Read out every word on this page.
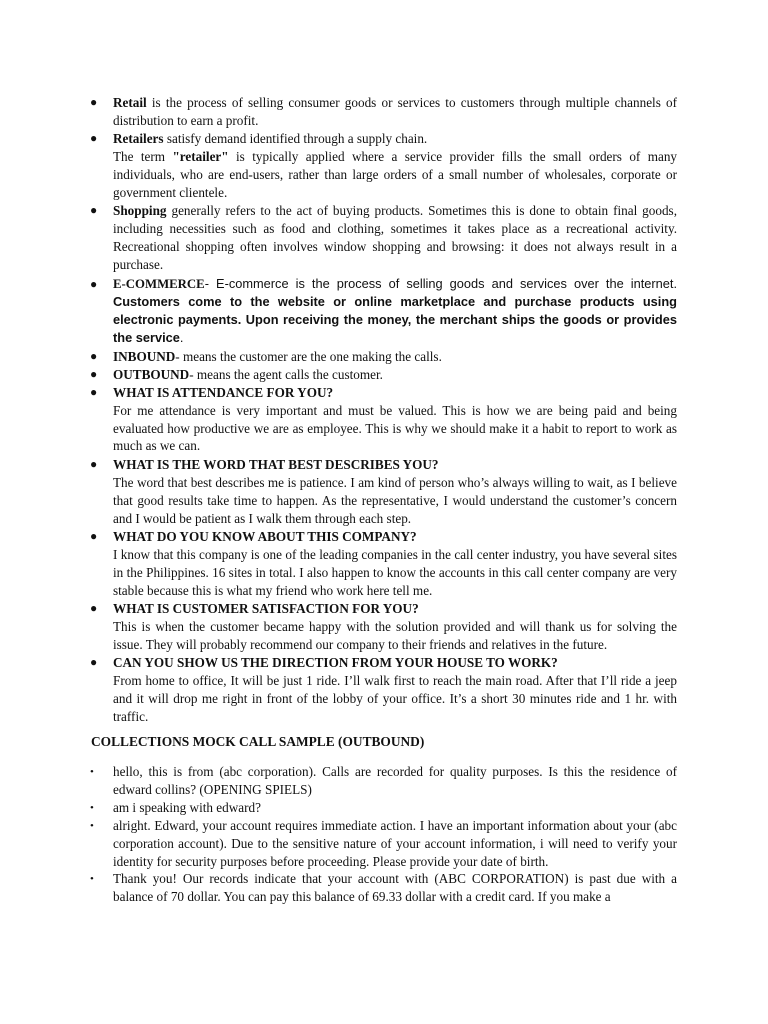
● Retail is the process of selling consumer goods or services to customers through multiple channels of distribution to earn a profit.
● Retailers satisfy demand identified through a supply chain.
The term "retailer" is typically applied where a service provider fills the small orders of many individuals, who are end-users, rather than large orders of a small number of wholesales, corporate or government clientele.
● Shopping generally refers to the act of buying products. Sometimes this is done to obtain final goods, including necessities such as food and clothing, sometimes it takes place as a recreational activity. Recreational shopping often involves window shopping and browsing: it does not always result in a purchase.
● E-COMMERCE- E-commerce is the process of selling goods and services over the internet. Customers come to the website or online marketplace and purchase products using electronic payments. Upon receiving the money, the merchant ships the goods or provides the service.
● INBOUND- means the customer are the one making the calls.
● OUTBOUND- means the agent calls the customer.
● WHAT IS ATTENDANCE FOR YOU?
For me attendance is very important and must be valued. This is how we are being paid and being evaluated how productive we are as employee. This is why we should make it a habit to report to work as much as we can.
● WHAT IS THE WORD THAT BEST DESCRIBES YOU?
The word that best describes me is patience. I am kind of person who’s always willing to wait, as I believe that good results take time to happen. As the representative, I would understand the customer’s concern and I would be patient as I walk them through each step.
● WHAT DO YOU KNOW ABOUT THIS COMPANY?
I know that this company is one of the leading companies in the call center industry, you have several sites in the Philippines. 16 sites in total. I also happen to know the accounts in this call center company are very stable because this is what my friend who work here tell me.
● WHAT IS CUSTOMER SATISFACTION FOR YOU?
This is when the customer became happy with the solution provided and will thank us for solving the issue. They will probably recommend our company to their friends and relatives in the future.
● CAN YOU SHOW US THE DIRECTION FROM YOUR HOUSE TO WORK?
From home to office, It will be just 1 ride. I’ll walk first to reach the main road. After that I’ll ride a jeep and it will drop me right in front of the lobby of your office. It’s a short 30 minutes ride and 1 hr. with traffic.
COLLECTIONS MOCK CALL SAMPLE (OUTBOUND)
• hello, this is from (abc corporation). Calls are recorded for quality purposes. Is this the residence of edward collins? (OPENING SPIELS)
• am i speaking with edward?
• alright. Edward, your account requires immediate action. I have an important information about your (abc corporation account). Due to the sensitive nature of your account information, i will need to verify your identity for security purposes before proceeding. Please provide your date of birth.
• Thank you! Our records indicate that your account with (ABC CORPORATION) is past due with a balance of 70 dollar. You can pay this balance of 69.33 dollar with a credit card. If you make a
